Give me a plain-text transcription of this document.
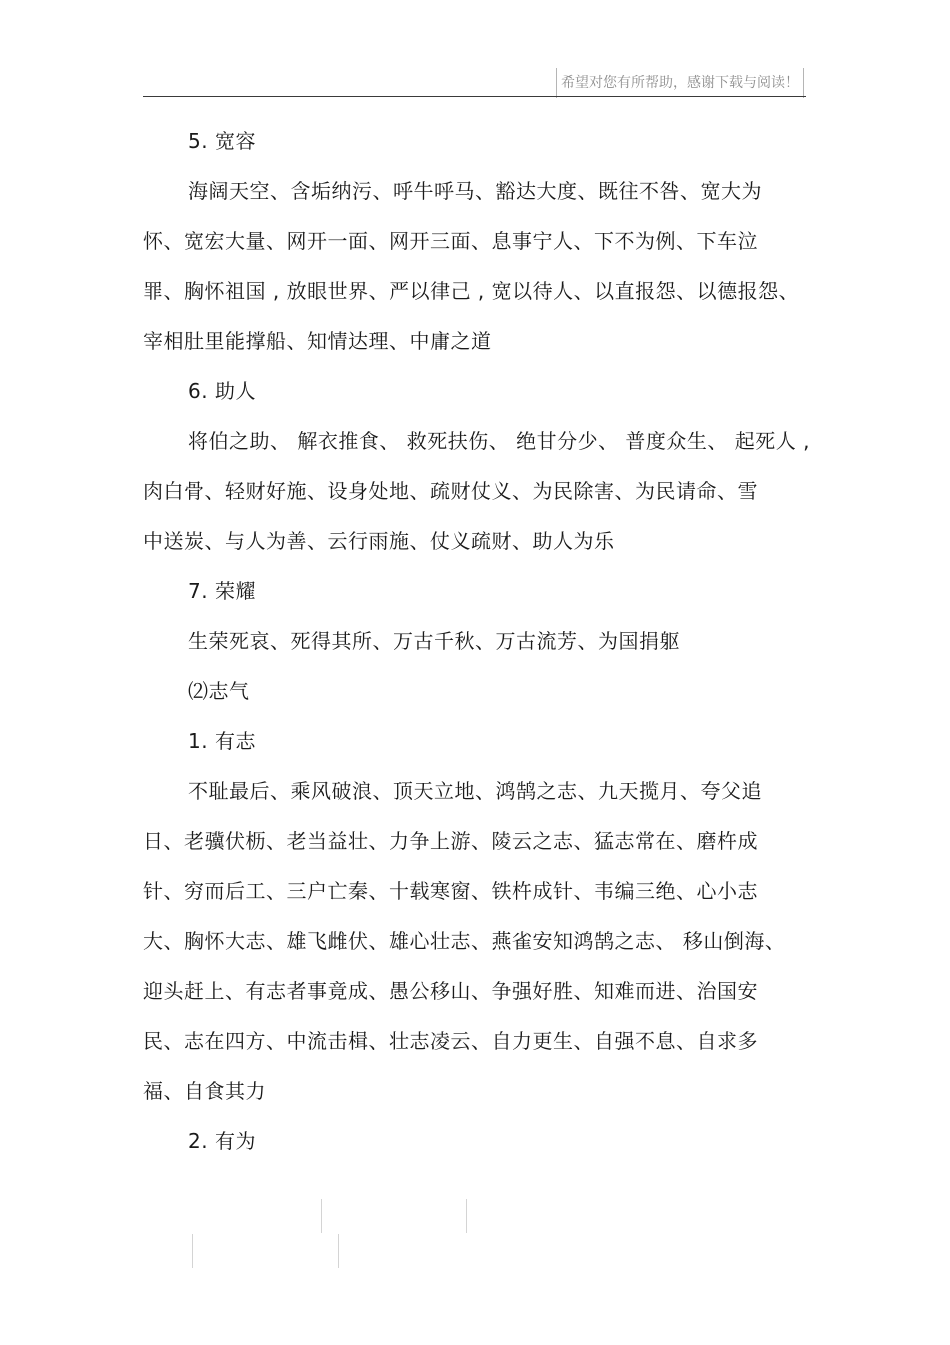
希望对您有所帮助，感谢下载与阅读！
5. 宽容
海阔天空、含垢纳污、呼牛呼马、豁达大度、既往不咎、宽大为
怀、宽宏大量、网开一面、网开三面、息事宁人、下不为例、下车泣
罪、胸怀祖国 , 放眼世界、严以律己 , 宽以待人、以直报怨、以德报怨、
宰相肚里能撑船、知情达理、中庸之道
6. 助人
将伯之助、 解衣推食、 救死扶伤、 绝甘分少、 普度众生、 起死人 ,
肉白骨、轻财好施、设身处地、疏财仗义、为民除害、为民请命、雪
中送炭、与人为善、云行雨施、仗义疏财、助人为乐
7. 荣耀
生荣死哀、死得其所、万古千秋、万古流芳、为国捐躯
⑵志气
1. 有志
不耻最后、乘风破浪、顶天立地、鸿鹄之志、九天揽月、夸父追
日、老骥伏枥、老当益壮、力争上游、陵云之志、猛志常在、磨杵成
针、穷而后工、三户亡秦、十载寒窗、铁杵成针、韦编三绝、心小志
大、胸怀大志、雄飞雌伏、雄心壮志、燕雀安知鸿鹄之志、 移山倒海、
迎头赶上、有志者事竟成、愚公移山、争强好胜、知难而进、治国安
民、志在四方、中流击楫、壮志凌云、自力更生、自强不息、自求多
福、自食其力
2. 有为
